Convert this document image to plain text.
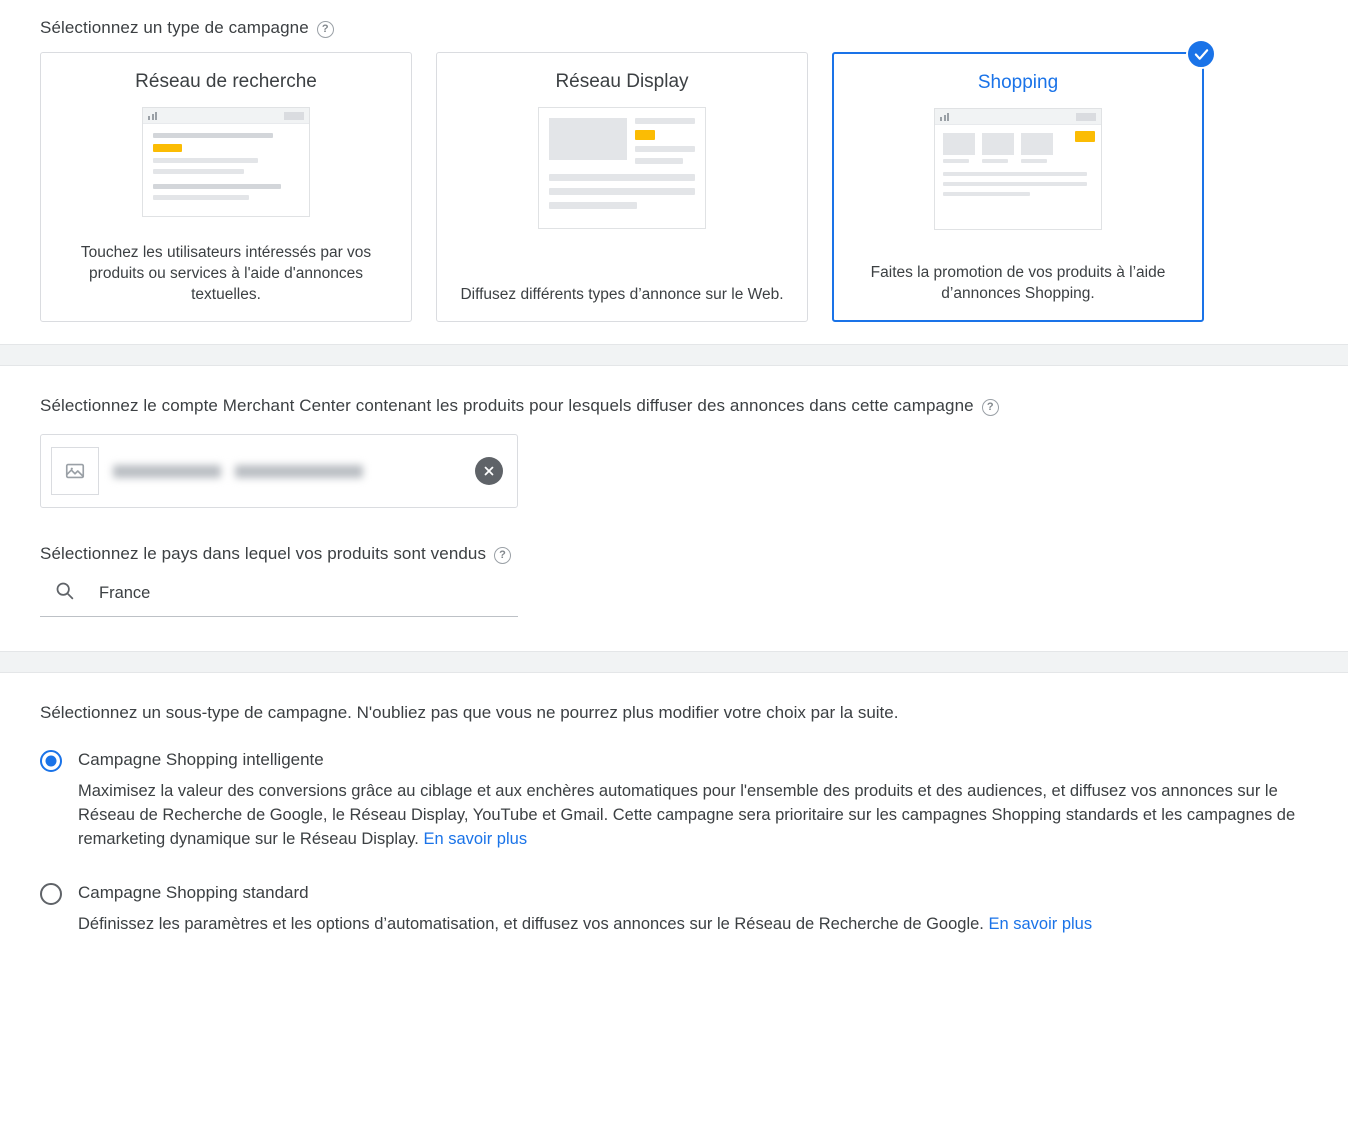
Sélectionnez un type de campagne	?
Réseau de recherche
Touchez les utilisateurs intéressés par vos produits ou services à l'aide d'annonces textuelles.
Réseau Display
Diffusez différents types d’annonce sur le Web.
Shopping
Faites la promotion de vos produits à l’aide d’annonces Shopping.
Sélectionnez le compte Merchant Center contenant les produits pour lesquels diffuser des annonces dans cette campagne	?
Sélectionnez le pays dans lequel vos produits sont vendus	?
France
Sélectionnez un sous-type de campagne. N'oubliez pas que vous ne pourrez plus modifier votre choix par la suite.
Campagne Shopping intelligente
Maximisez la valeur des conversions grâce au ciblage et aux enchères automatiques pour l'ensemble des produits et des audiences, et diffusez vos annonces sur le Réseau de Recherche de Google, le Réseau Display, YouTube et Gmail. Cette campagne sera prioritaire sur les campagnes Shopping standards et les campagnes de remarketing dynamique sur le Réseau Display. En savoir plus
Campagne Shopping standard
Définissez les paramètres et les options d’automatisation, et diffusez vos annonces sur le Réseau de Recherche de Google. En savoir plus
